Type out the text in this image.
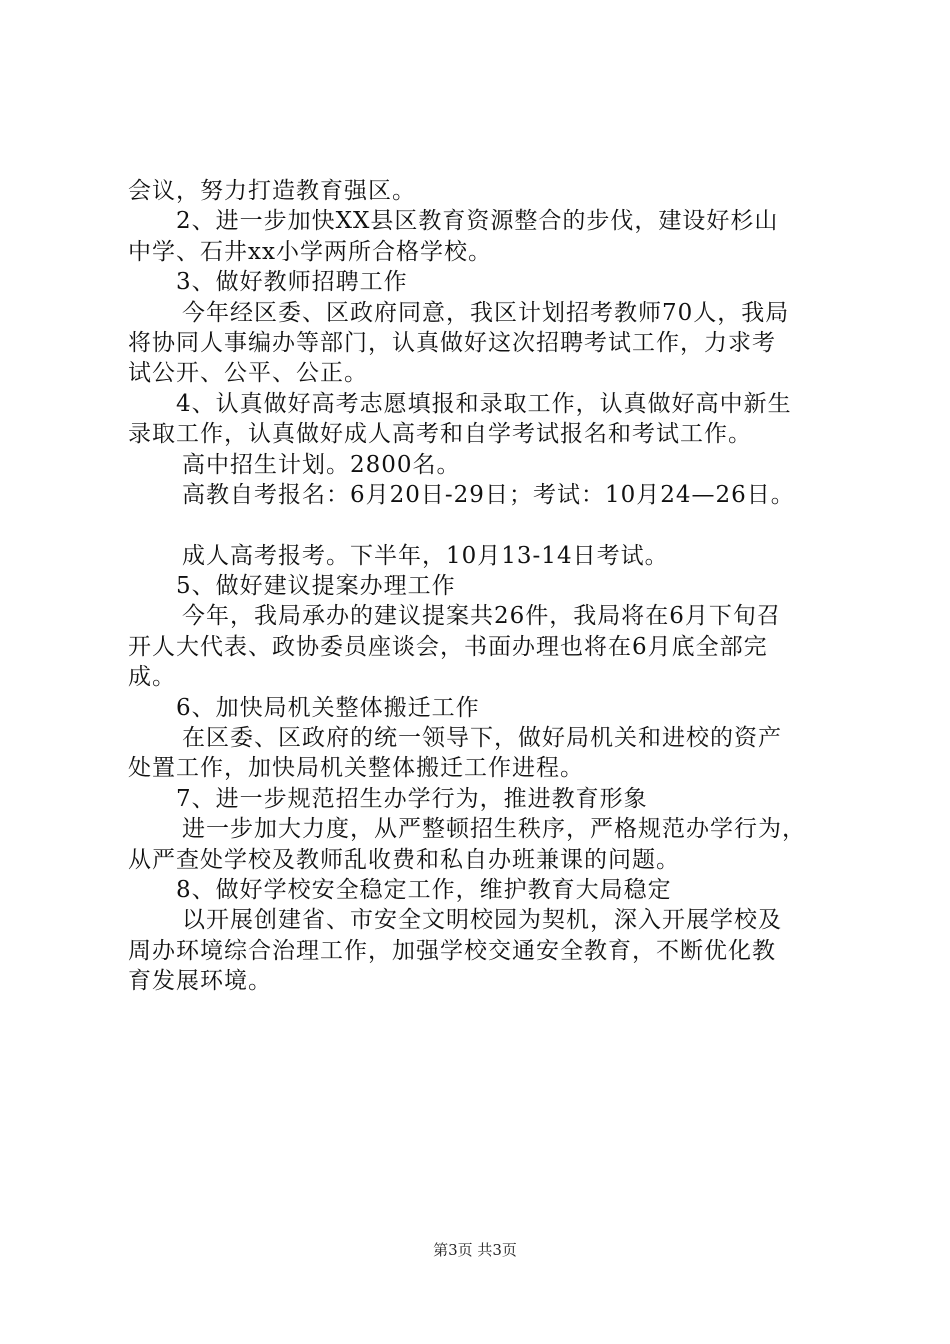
会议，努力打造教育强区。
2、进一步加快XX县区教育资源整合的步伐，建设好杉山
中学、石井xx小学两所合格学校。
3、做好教师招聘工作
今年经区委、区政府同意，我区计划招考教师70人，我局
将协同人事编办等部门，认真做好这次招聘考试工作，力求考
试公开、公平、公正。
4、认真做好高考志愿填报和录取工作，认真做好高中新生
录取工作，认真做好成人高考和自学考试报名和考试工作。
高中招生计划。2800名。
高教自考报名：6月20日-29日；考试：10月24—26日。
成人高考报考。下半年，10月13-14日考试。
5、做好建议提案办理工作
今年，我局承办的建议提案共26件，我局将在6月下旬召
开人大代表、政协委员座谈会，书面办理也将在6月底全部完
成。
6、加快局机关整体搬迁工作
在区委、区政府的统一领导下，做好局机关和进校的资产
处置工作，加快局机关整体搬迁工作进程。
7、进一步规范招生办学行为，推进教育形象
进一步加大力度，从严整顿招生秩序，严格规范办学行为，
从严查处学校及教师乱收费和私自办班兼课的问题。
8、做好学校安全稳定工作，维护教育大局稳定
以开展创建省、市安全文明校园为契机，深入开展学校及
周办环境综合治理工作，加强学校交通安全教育，不断优化教
育发展环境。
第3页 共3页
